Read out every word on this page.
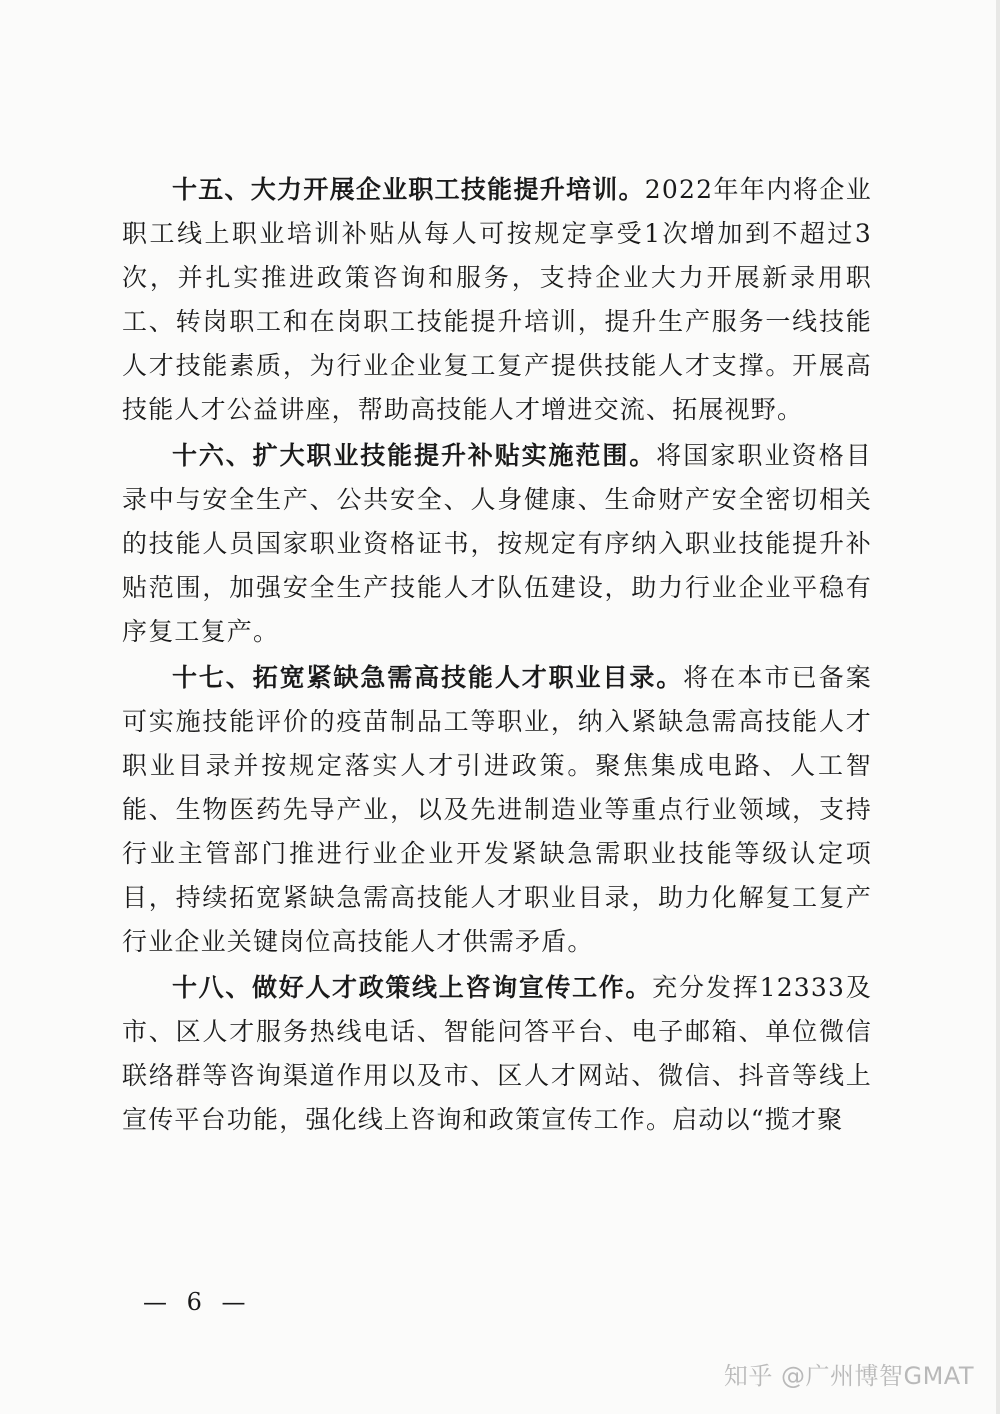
十五、大力开展企业职工技能提升培训。2022年年内将企业职工线上职业培训补贴从每人可按规定享受1次增加到不超过3次，并扎实推进政策咨询和服务，支持企业大力开展新录用职工、转岗职工和在岗职工技能提升培训，提升生产服务一线技能人才技能素质，为行业企业复工复产提供技能人才支撑。开展高技能人才公益讲座，帮助高技能人才增进交流、拓展视野。

十六、扩大职业技能提升补贴实施范围。将国家职业资格目录中与安全生产、公共安全、人身健康、生命财产安全密切相关的技能人员国家职业资格证书，按规定有序纳入职业技能提升补贴范围，加强安全生产技能人才队伍建设，助力行业企业平稳有序复工复产。

十七、拓宽紧缺急需高技能人才职业目录。将在本市已备案可实施技能评价的疫苗制品工等职业，纳入紧缺急需高技能人才职业目录并按规定落实人才引进政策。聚焦集成电路、人工智能、生物医药先导产业，以及先进制造业等重点行业领域，支持行业主管部门推进行业企业开发紧缺急需职业技能等级认定项目，持续拓宽紧缺急需高技能人才职业目录，助力化解复工复产行业企业关键岗位高技能人才供需矛盾。

十八、做好人才政策线上咨询宣传工作。充分发挥12333及市、区人才服务热线电话、智能问答平台、电子邮箱、单位微信联络群等咨询渠道作用以及市、区人才网站、微信、抖音等线上宣传平台功能，强化线上咨询和政策宣传工作。启动以“揽才聚

— 6 —
知乎 @广州博智GMAT
